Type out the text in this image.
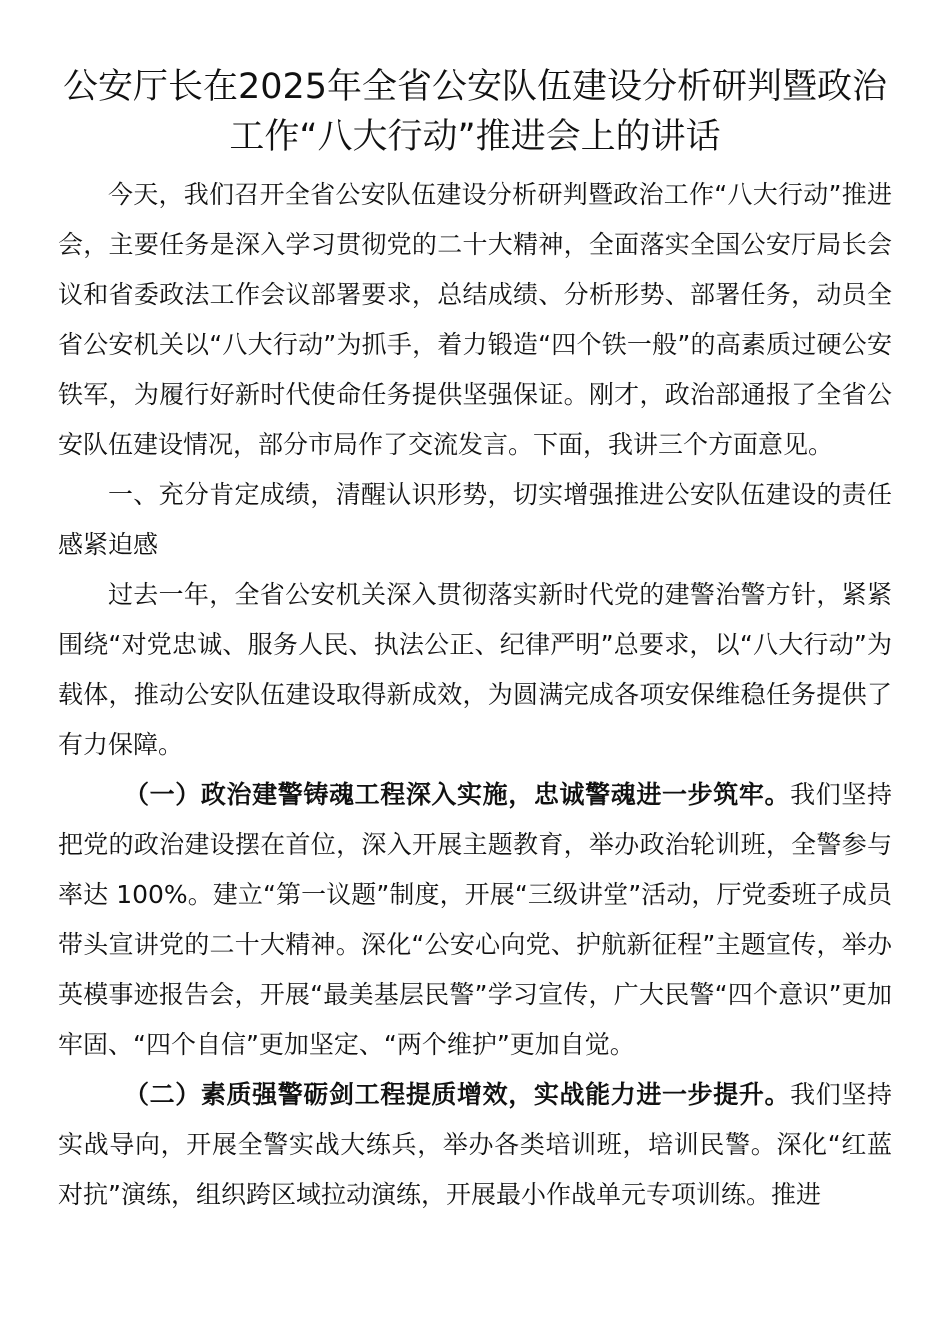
公安厅长在2025年全省公安队伍建设分析研判暨政治工作“八大行动”推进会上的讲话

今天，我们召开全省公安队伍建设分析研判暨政治工作“八大行动”推进会，主要任务是深入学习贯彻党的二十大精神，全面落实全国公安厅局长会议和省委政法工作会议部署要求，总结成绩、分析形势、部署任务，动员全省公安机关以“八大行动”为抓手，着力锻造“四个铁一般”的高素质过硬公安铁军，为履行好新时代使命任务提供坚强保证。刚才，政治部通报了全省公安队伍建设情况，部分市局作了交流发言。下面，我讲三个方面意见。

一、充分肯定成绩，清醒认识形势，切实增强推进公安队伍建设的责任感紧迫感

过去一年，全省公安机关深入贯彻落实新时代党的建警治警方针，紧紧围绕“对党忠诚、服务人民、执法公正、纪律严明”总要求，以“八大行动”为载体，推动公安队伍建设取得新成效，为圆满完成各项安保维稳任务提供了有力保障。

（一）政治建警铸魂工程深入实施，忠诚警魂进一步筑牢。我们坚持把党的政治建设摆在首位，深入开展主题教育，举办政治轮训班，全警参与率达 100%。建立“第一议题”制度，开展“三级讲堂”活动，厅党委班子成员带头宣讲党的二十大精神。深化“公安心向党、护航新征程”主题宣传，举办英模事迹报告会，开展“最美基层民警”学习宣传，广大民警“四个意识”更加牢固、“四个自信”更加坚定、“两个维护”更加自觉。

（二）素质强警砺剑工程提质增效，实战能力进一步提升。我们坚持实战导向，开展全警实战大练兵，举办各类培训班，培训民警。深化“红蓝对抗”演练，组织跨区域拉动演练，开展最小作战单元专项训练。推进
